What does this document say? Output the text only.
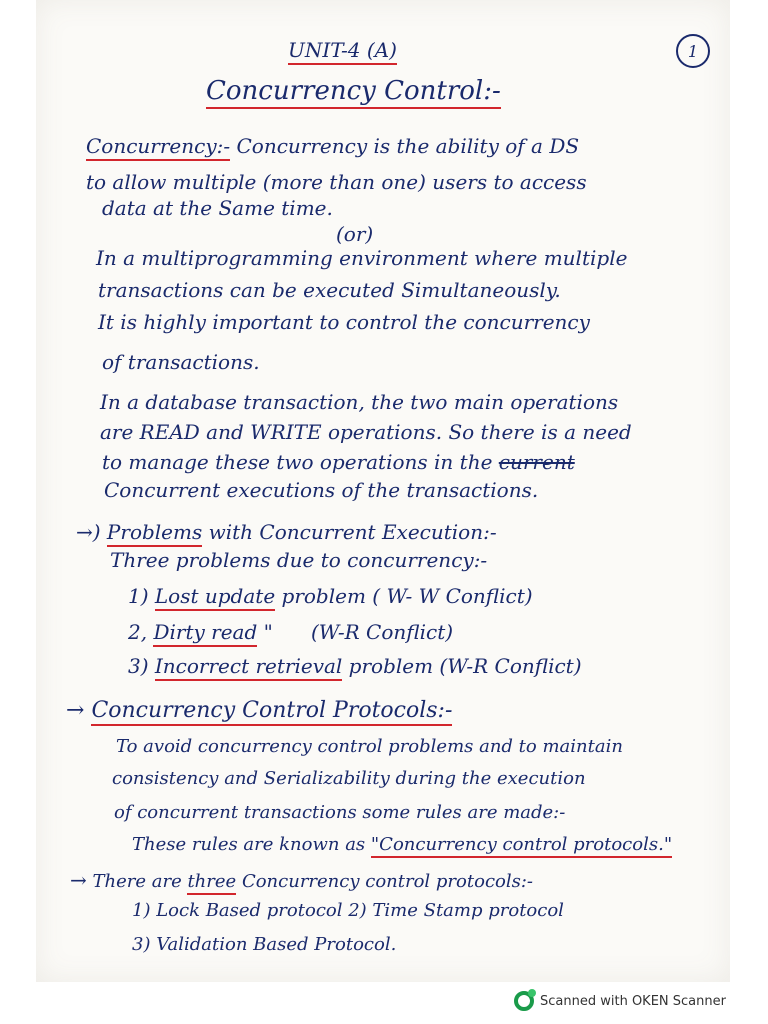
UNIT-4 (A)	1
Concurrency Control:-
Concurrency:- Concurrency is the ability of a DS
to allow multiple (more than one) users to access
data at the Same time.
(or)
In a multiprogramming environment where multiple
transactions can be executed Simultaneously.
It is highly important to control the concurrency
of transactions.
In a database transaction, the two main operations
are READ and WRITE operations. So there is a need
to manage these two operations in the current
Concurrent executions of the transactions.
→) Problems with Concurrent Execution:-
Three problems due to concurrency:-
1) Lost update problem ( W- W Conflict)
2, Dirty read "      (W-R Conflict)
3) Incorrect retrieval problem (W-R Conflict)
→ Concurrency Control Protocols:-
To avoid concurrency control problems and to maintain
consistency and Serializability during the execution
of concurrent transactions some rules are made:-
These rules are known as "Concurrency control protocols."
→ There are three Concurrency control protocols:-
1) Lock Based protocol 2) Time Stamp protocol
3) Validation Based Protocol.
Scanned with OKEN Scanner
